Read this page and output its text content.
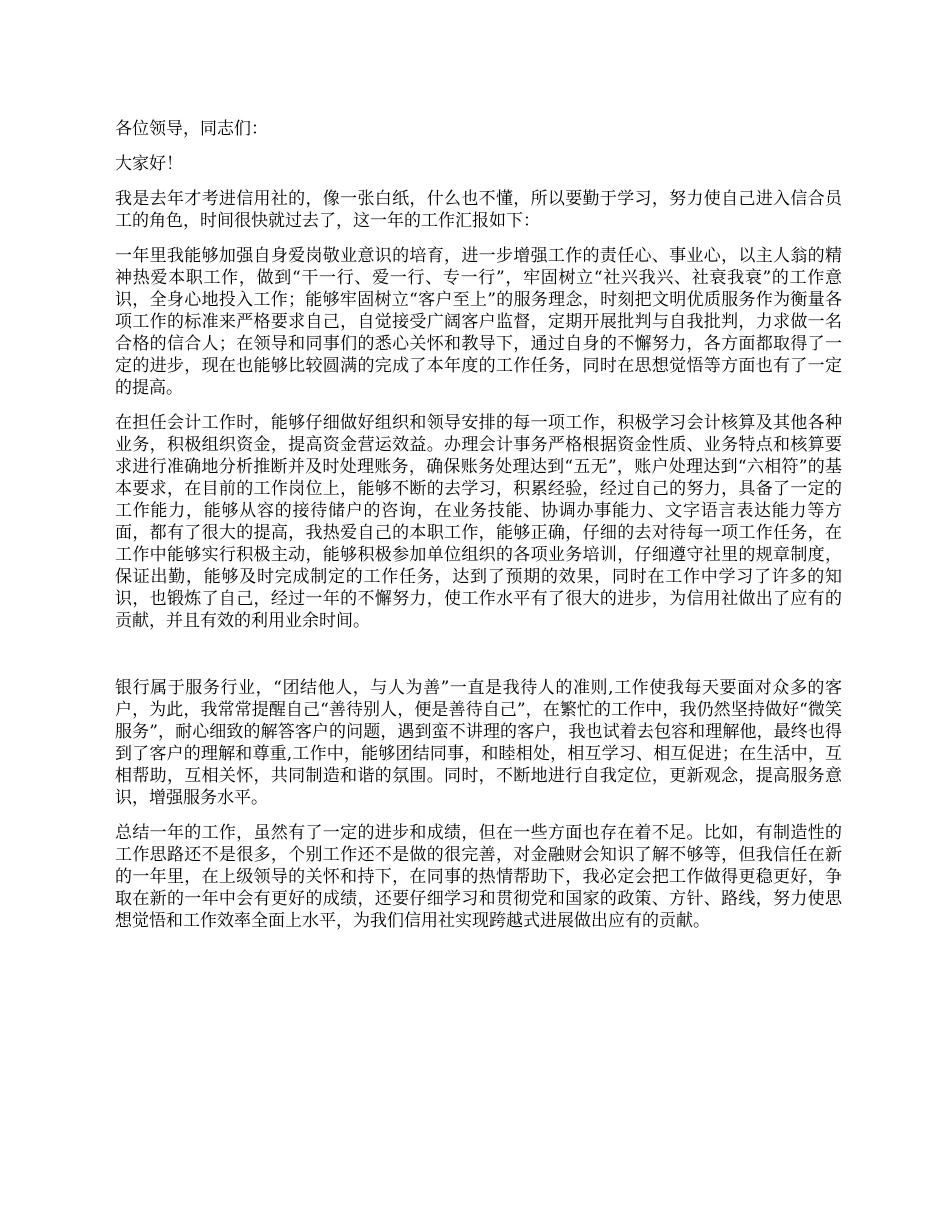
各位领导，同志们：

大家好！

我是去年才考进信用社的，像一张白纸，什么也不懂，所以要勤于学习，努力使自己进入信合员工的角色，时间很快就过去了，这一年的工作汇报如下：

一年里我能够加强自身爱岗敬业意识的培育，进一步增强工作的责任心、事业心，以主人翁的精神热爱本职工作，做到“干一行、爱一行、专一行”，牢固树立“社兴我兴、社衰我衰”的工作意识，全身心地投入工作；能够牢固树立“客户至上”的服务理念，时刻把文明优质服务作为衡量各项工作的标准来严格要求自己，自觉接受广阔客户监督，定期开展批判与自我批判，力求做一名合格的信合人；在领导和同事们的悉心关怀和教导下，通过自身的不懈努力，各方面都取得了一定的进步，现在也能够比较圆满的完成了本年度的工作任务，同时在思想觉悟等方面也有了一定的提高。

在担任会计工作时，能够仔细做好组织和领导安排的每一项工作，积极学习会计核算及其他各种业务，积极组织资金，提高资金营运效益。办理会计事务严格根据资金性质、业务特点和核算要求进行准确地分析推断并及时处理账务，确保账务处理达到“五无”，账户处理达到“六相符”的基本要求，在目前的工作岗位上，能够不断的去学习，积累经验，经过自己的努力，具备了一定的工作能力，能够从容的接待储户的咨询，在业务技能、协调办事能力、文字语言表达能力等方面，都有了很大的提高，我热爱自己的本职工作，能够正确，仔细的去对待每一项工作任务，在工作中能够实行积极主动，能够积极参加单位组织的各项业务培训，仔细遵守社里的规章制度，保证出勤，能够及时完成制定的工作任务，达到了预期的效果，同时在工作中学习了许多的知识，也锻炼了自己，经过一年的不懈努力，使工作水平有了很大的进步，为信用社做出了应有的贡献，并且有效的利用业余时间。

银行属于服务行业，“团结他人，与人为善”一直是我待人的准则,工作使我每天要面对众多的客户，为此，我常常提醒自己“善待别人，便是善待自己”，在繁忙的工作中，我仍然坚持做好“微笑服务”，耐心细致的解答客户的问题，遇到蛮不讲理的客户，我也试着去包容和理解他，最终也得到了客户的理解和尊重,工作中，能够团结同事，和睦相处，相互学习、相互促进；在生活中，互相帮助，互相关怀，共同制造和谐的氛围。同时，不断地进行自我定位，更新观念，提高服务意识，增强服务水平。

总结一年的工作，虽然有了一定的进步和成绩，但在一些方面也存在着不足。比如，有制造性的工作思路还不是很多，个别工作还不是做的很完善，对金融财会知识了解不够等，但我信任在新的一年里，在上级领导的关怀和持下，在同事的热情帮助下，我必定会把工作做得更稳更好，争取在新的一年中会有更好的成绩，还要仔细学习和贯彻党和国家的政策、方针、路线，努力使思想觉悟和工作效率全面上水平，为我们信用社实现跨越式进展做出应有的贡献。
